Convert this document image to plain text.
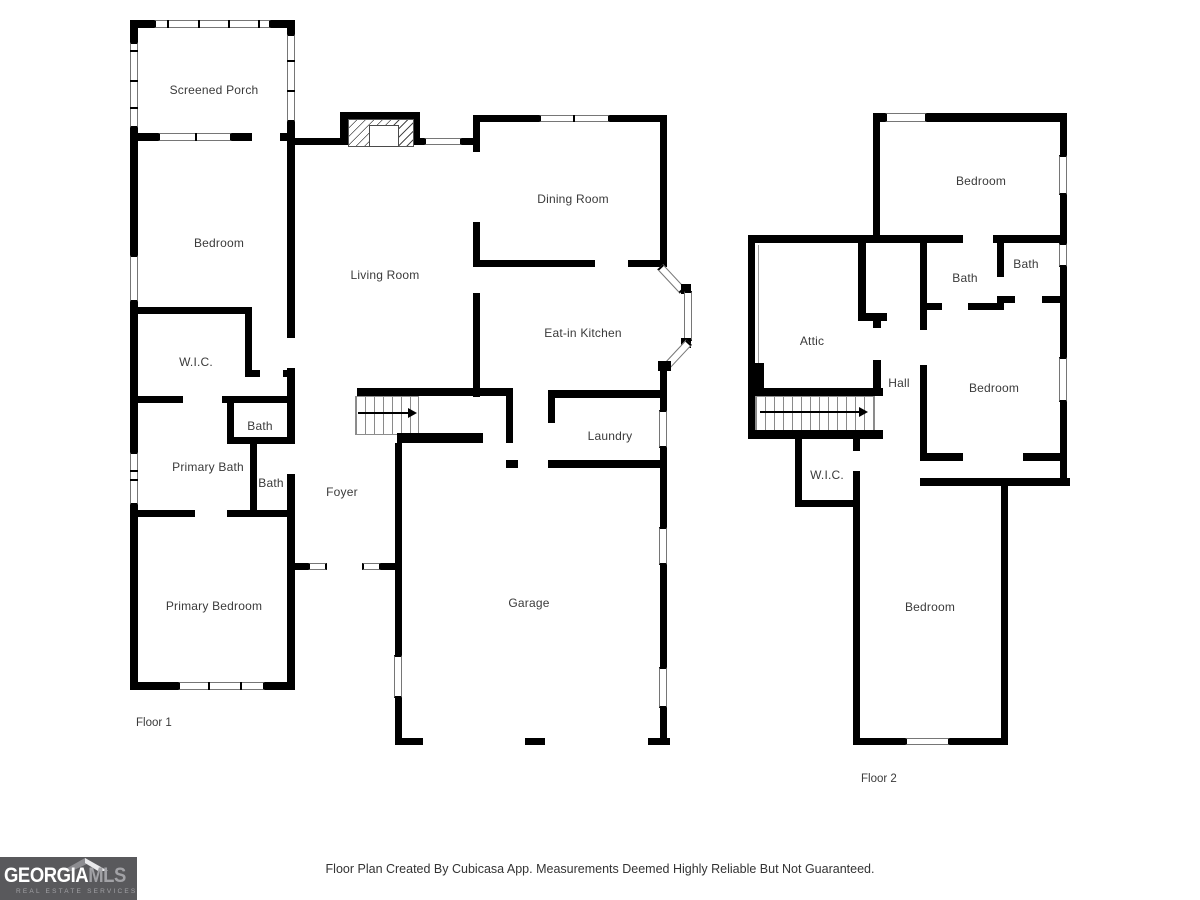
Screened Porch
Bedroom
W.I.C.
Bath
Primary Bath
Bath
Primary Bedroom
Living Room
Foyer
Dining Room
Eat-in Kitchen
Laundry
Garage
Floor 1
Bedroom
Bath
Bath
Attic
Hall	Bedroom
W.I.C.
Bedroom
Floor 2
Floor Plan Created By Cubicasa App. Measurements Deemed Highly Reliable But Not Guaranteed.
GEORGIAMLS
REAL ESTATE SERVICES
